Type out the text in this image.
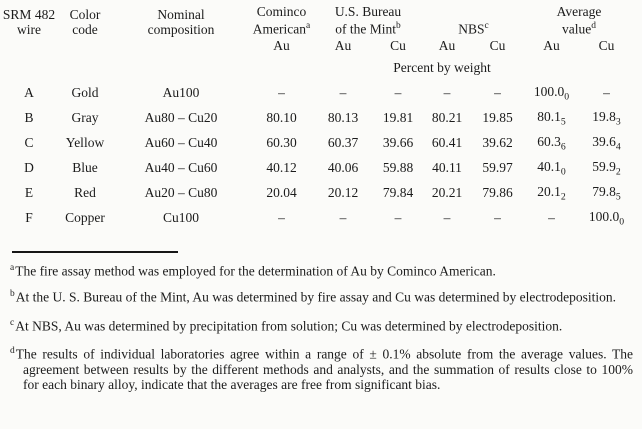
SRM 482
wire

Color
code

Nominal
composition

Cominco
American$^a$

U.S. Bureau
of the Mint$^b$	NBS$^c$

Average
value$^d$

			Au	Au	Cu	Au	Cu	Au	Cu
			Percent by weight						
A	Gold	Au100	–	–	–	–	–	$100.0_0$	–
B	Gray	Au80 – Cu20	80.10	80.13	19.81	80.21	19.85	$80.1_5$	$19.8_3$
C	Yellow	Au60 – Cu40	60.30	60.37	39.66	60.41	39.62	$60.3_6$	$39.6_4$
D	Blue	Au40 – Cu60	40.12	40.06	59.88	40.11	59.97	$40.1_0$	$59.9_2$
E	Red	Au20 – Cu80	20.04	20.12	79.84	20.21	79.86	$20.1_2$	$79.8_5$
F	Copper	Cu100	–	–	–	–	–	–	$100.0_0$

$^a$The fire assay method was employed for the determination of Au by Cominco American.

$^b$At the U. S. Bureau of the Mint, Au was determined by fire assay and Cu was determined by electrodeposition.

$^c$At NBS, Au was determined by precipitation from solution; Cu was determined by electrodeposition.

$^d$The results of individual laboratories agree within a range of ± 0.1% absolute from the average values. The agreement between results by the different methods and analysts, and the summation of results close to 100% for each binary alloy, indicate that the averages are free from significant bias.
